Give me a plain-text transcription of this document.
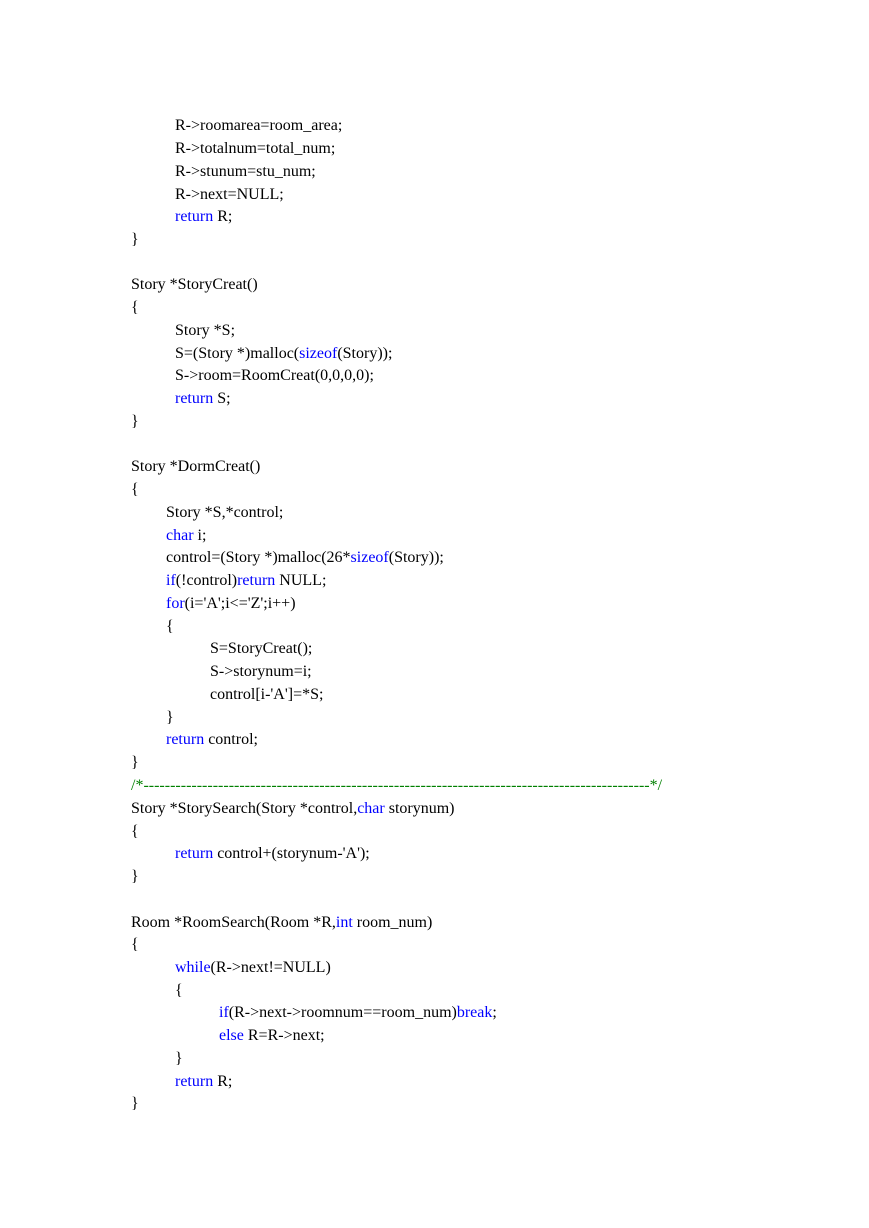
R->roomarea=room_area;
R->totalnum=total_num;
R->stunum=stu_num;
R->next=NULL;
return R;
}
Story *StoryCreat()
{
Story *S;
S=(Story *)malloc(sizeof(Story));
S->room=RoomCreat(0,0,0,0);
return S;
}
Story *DormCreat()
{
Story *S,*control;
char i;
control=(Story *)malloc(26*sizeof(Story));
if(!control)return NULL;
for(i='A';i<='Z';i++)
{
S=StoryCreat();
S->storynum=i;
control[i-'A']=*S;
}
return control;
}
/*-----------------------------------------------------------------------------------------------*/
Story *StorySearch(Story *control,char storynum)
{
return control+(storynum-'A');
}
Room *RoomSearch(Room *R,int room_num)
{
while(R->next!=NULL)
{
if(R->next->roomnum==room_num)break;
else R=R->next;
}
return R;
}
